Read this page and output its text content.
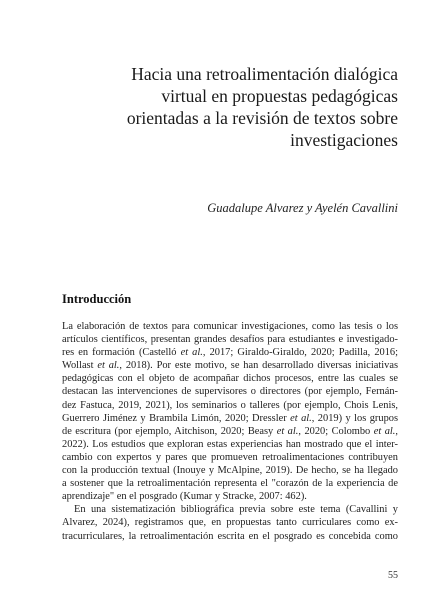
Hacia una retroalimentación dialógica
virtual en propuestas pedagógicas
orientadas a la revisión de textos sobre
investigaciones
Guadalupe Alvarez y Ayelén Cavallini
Introducción
La elaboración de textos para comunicar investigaciones, como las tesis o los
artículos científicos, presentan grandes desafíos para estudiantes e investigado-
res en formación (Castelló et al., 2017; Giraldo-Giraldo, 2020; Padilla, 2016;
Wollast et al., 2018). Por este motivo, se han desarrollado diversas iniciativas
pedagógicas con el objeto de acompañar dichos procesos, entre las cuales se
destacan las intervenciones de supervisores o directores (por ejemplo, Fernán-
dez Fastuca, 2019, 2021), los seminarios o talleres (por ejemplo, Chois Lenis,
Guerrero Jiménez y Brambila Limón, 2020; Dressler et al., 2019) y los grupos
de escritura (por ejemplo, Aitchison, 2020; Beasy et al., 2020; Colombo et al.,
2022). Los estudios que exploran estas experiencias han mostrado que el inter-
cambio con expertos y pares que promueven retroalimentaciones contribuyen
con la producción textual (Inouye y McAlpine, 2019). De hecho, se ha llegado
a sostener que la retroalimentación representa el "corazón de la experiencia de
aprendizaje" en el posgrado (Kumar y Stracke, 2007: 462).
En una sistematización bibliográfica previa sobre este tema (Cavallini y
Alvarez, 2024), registramos que, en propuestas tanto curriculares como ex-
tracurriculares, la retroalimentación escrita en el posgrado es concebida como
55
